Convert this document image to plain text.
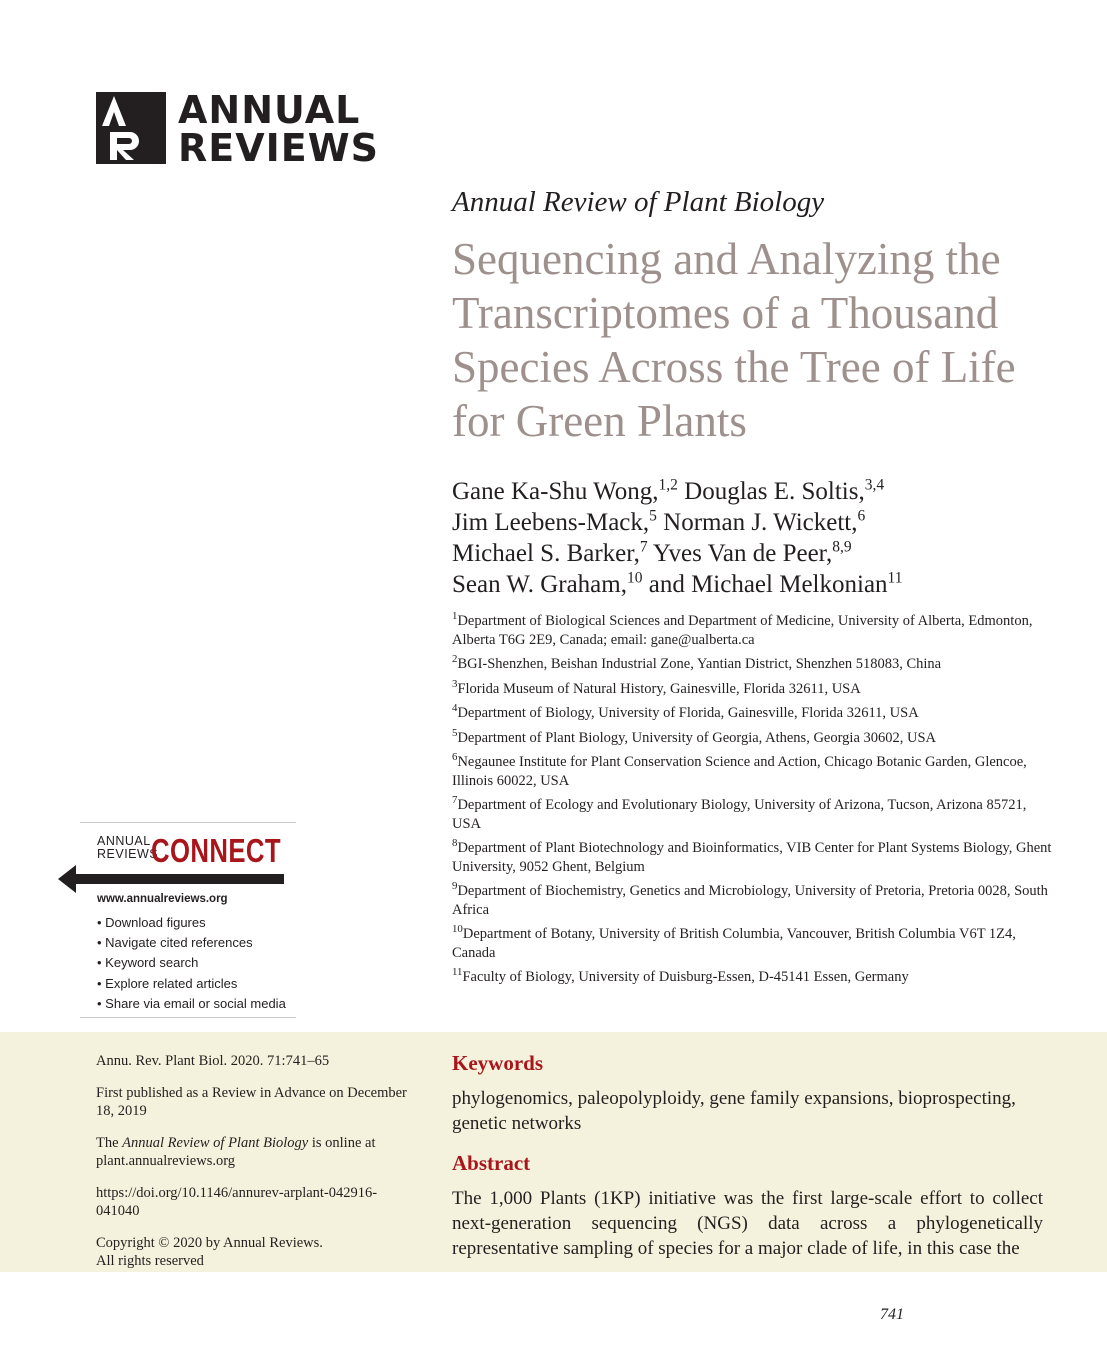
ANNUAL
REVIEWS
Annual Review of Plant Biology
Sequencing and Analyzing the Transcriptomes of a Thousand Species Across the Tree of Life for Green Plants
Gane Ka-Shu Wong,$^{1,2}$ Douglas E. Soltis,$^{3,4}$
Jim Leebens-Mack,$^5$ Norman J. Wickett,$^6$
Michael S. Barker,$^7$ Yves Van de Peer,$^{8,9}$
Sean W. Graham,$^{10}$ and Michael Melkonian$^{11}$
$^1$Department of Biological Sciences and Department of Medicine, University of Alberta, Edmonton, Alberta T6G 2E9, Canada; email: gane@ualberta.ca
$^2$BGI-Shenzhen, Beishan Industrial Zone, Yantian District, Shenzhen 518083, China
$^3$Florida Museum of Natural History, Gainesville, Florida 32611, USA
$^4$Department of Biology, University of Florida, Gainesville, Florida 32611, USA
$^5$Department of Plant Biology, University of Georgia, Athens, Georgia 30602, USA
$^6$Negaunee Institute for Plant Conservation Science and Action, Chicago Botanic Garden, Glencoe, Illinois 60022, USA
$^7$Department of Ecology and Evolutionary Biology, University of Arizona, Tucson, Arizona 85721, USA
$^8$Department of Plant Biotechnology and Bioinformatics, VIB Center for Plant Systems Biology, Ghent University, 9052 Ghent, Belgium
$^9$Department of Biochemistry, Genetics and Microbiology, University of Pretoria, Pretoria 0028, South Africa
$^{10}$Department of Botany, University of British Columbia, Vancouver, British Columbia V6T 1Z4, Canada
$^{11}$Faculty of Biology, University of Duisburg-Essen, D-45141 Essen, Germany
ANNUAL
REVIEWS
CONNECT
www.annualreviews.org
• Download figures
• Navigate cited references
• Keyword search
• Explore related articles
• Share via email or social media

Annu. Rev. Plant Biol. 2020. 71:741–65

First published as a Review in Advance on December 18, 2019

The Annual Review of Plant Biology is online at plant.annualreviews.org

https://doi.org/10.1146/annurev-arplant-042916-041040

Copyright © 2020 by Annual Reviews.
All rights reserved

Keywords
phylogenomics, paleopolyploidy, gene family expansions, bioprospecting, genetic networks
Abstract
The 1,000 Plants (1KP) initiative was the first large-scale effort to collect next-generation sequencing (NGS) data across a phylogenetically representative sampling of species for a major clade of life, in this case the
741
